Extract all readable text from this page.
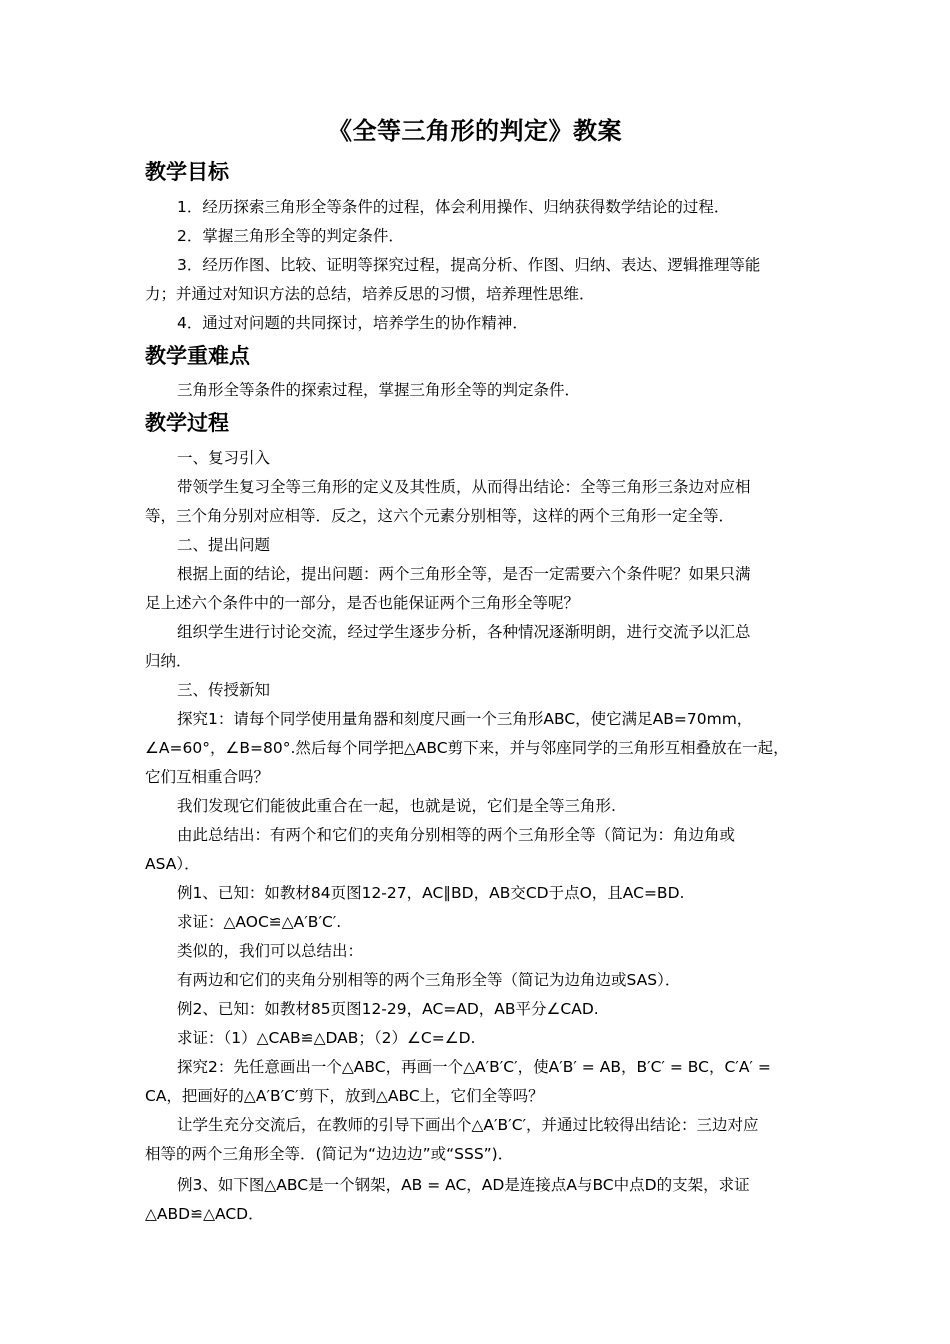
《全等三角形的判定》教案
教学目标
1．经历探索三角形全等条件的过程，体会利用操作、归纳获得数学结论的过程．
2．掌握三角形全等的判定条件．
3．经历作图、比较、证明等探究过程，提高分析、作图、归纳、表达、逻辑推理等能
力；并通过对知识方法的总结，培养反思的习惯，培养理性思维．
4．通过对问题的共同探讨，培养学生的协作精神．
教学重难点
三角形全等条件的探索过程，掌握三角形全等的判定条件．
教学过程
一、复习引入
带领学生复习全等三角形的定义及其性质，从而得出结论：全等三角形三条边对应相
等，三个角分别对应相等．反之，这六个元素分别相等，这样的两个三角形一定全等．
二、提出问题
根据上面的结论，提出问题：两个三角形全等，是否一定需要六个条件呢？如果只满
足上述六个条件中的一部分，是否也能保证两个三角形全等呢？
组织学生进行讨论交流，经过学生逐步分析，各种情况逐渐明朗，进行交流予以汇总
归纳．
三、传授新知
探究1：请每个同学使用量角器和刻度尺画一个三角形ABC，使它满足AB=70mm，
∠A=60°，∠B=80°.然后每个同学把△ABC剪下来，并与邻座同学的三角形互相叠放在一起，
它们互相重合吗？
我们发现它们能彼此重合在一起，也就是说，它们是全等三角形.
由此总结出：有两个和它们的夹角分别相等的两个三角形全等（简记为：角边角或
ASA）．
例1、已知：如教材84页图12-27，AC∥BD，AB交CD于点O，且AC=BD.
求证：△AOC≌△A′B′C′.
类似的，我们可以总结出：
有两边和它们的夹角分别相等的两个三角形全等（简记为边角边或SAS）．
例2、已知：如教材85页图12-29，AC=AD，AB平分∠CAD.
求证：（1）△CAB≌△DAB；（2）∠C=∠D.
探究2：先任意画出一个△ABC，再画一个△A′B′C′，使A′B′ = AB，B′C′ = BC，C′A′ =
CA，把画好的△A′B′C′剪下，放到△ABC上，它们全等吗？
让学生充分交流后，在教师的引导下画出个△A′B′C′，并通过比较得出结论：三边对应
相等的两个三角形全等．(简记为“边边边”或“SSS”)．
例3、如下图△ABC是一个钢架，AB = AC，AD是连接点A与BC中点D的支架，求证
△ABD≌△ACD．
